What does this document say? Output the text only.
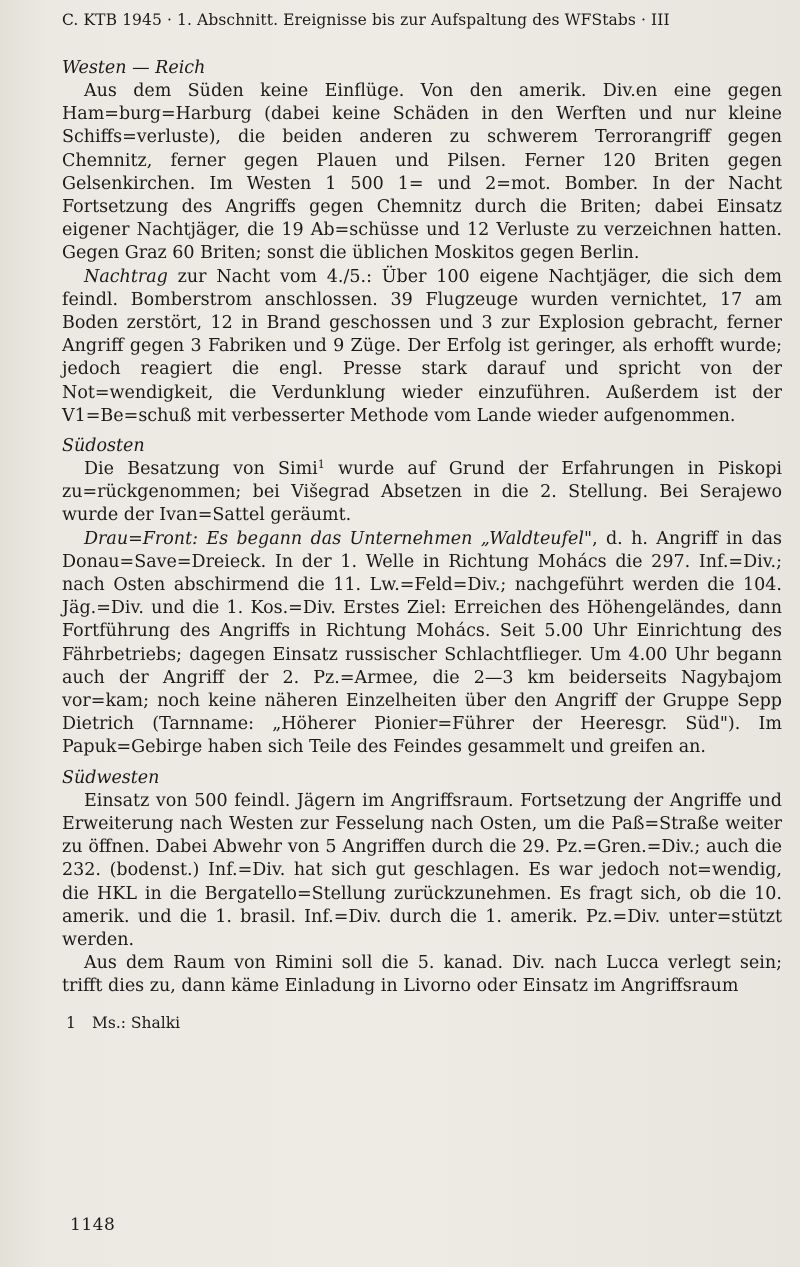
C. KTB 1945 · 1. Abschnitt. Ereignisse bis zur Aufspaltung des WFStabs · III
Westen — Reich

Aus dem Süden keine Einflüge. Von den amerik. Div.en eine gegen Ham=burg=Harburg (dabei keine Schäden in den Werften und nur kleine Schiffs=verluste), die beiden anderen zu schwerem Terrorangriff gegen Chemnitz, ferner gegen Plauen und Pilsen. Ferner 120 Briten gegen Gelsenkirchen. Im Westen 1 500 1= und 2=mot. Bomber. In der Nacht Fortsetzung des Angriffs gegen Chemnitz durch die Briten; dabei Einsatz eigener Nachtjäger, die 19 Ab=schüsse und 12 Verluste zu verzeichnen hatten. Gegen Graz 60 Briten; sonst die üblichen Moskitos gegen Berlin.

Nachtrag zur Nacht vom 4./5.: Über 100 eigene Nachtjäger, die sich dem feindl. Bomberstrom anschlossen. 39 Flugzeuge wurden vernichtet, 17 am Boden zerstört, 12 in Brand geschossen und 3 zur Explosion gebracht, ferner Angriff gegen 3 Fabriken und 9 Züge. Der Erfolg ist geringer, als erhofft wurde; jedoch reagiert die engl. Presse stark darauf und spricht von der Not=wendigkeit, die Verdunklung wieder einzuführen. Außerdem ist der V1=Be=schuß mit verbesserter Methode vom Lande wieder aufgenommen.

Südosten

Die Besatzung von Simi$^1$ wurde auf Grund der Erfahrungen in Piskopi zu=rückgenommen; bei Višegrad Absetzen in die 2. Stellung. Bei Serajewo wurde der Ivan=Sattel geräumt.

Drau=Front: Es begann das Unternehmen „Waldteufel", d. h. Angriff in das Donau=Save=Dreieck. In der 1. Welle in Richtung Mohács die 297. Inf.=Div.; nach Osten abschirmend die 11. Lw.=Feld=Div.; nachgeführt werden die 104. Jäg.=Div. und die 1. Kos.=Div. Erstes Ziel: Erreichen des Höhengeländes, dann Fortführung des Angriffs in Richtung Mohács. Seit 5.00 Uhr Einrichtung des Fährbetriebs; dagegen Einsatz russischer Schlachtflieger. Um 4.00 Uhr begann auch der Angriff der 2. Pz.=Armee, die 2—3 km beiderseits Nagybajom vor=kam; noch keine näheren Einzelheiten über den Angriff der Gruppe Sepp Dietrich (Tarnname: „Höherer Pionier=Führer der Heeresgr. Süd"). Im Papuk=Gebirge haben sich Teile des Feindes gesammelt und greifen an.

Südwesten

Einsatz von 500 feindl. Jägern im Angriffsraum. Fortsetzung der Angriffe und Erweiterung nach Westen zur Fesselung nach Osten, um die Paß=Straße weiter zu öffnen. Dabei Abwehr von 5 Angriffen durch die 29. Pz.=Gren.=Div.; auch die 232. (bodenst.) Inf.=Div. hat sich gut geschlagen. Es war jedoch not=wendig, die HKL in die Bergatello=Stellung zurückzunehmen. Es fragt sich, ob die 10. amerik. und die 1. brasil. Inf.=Div. durch die 1. amerik. Pz.=Div. unter=stützt werden.

Aus dem Raum von Rimini soll die 5. kanad. Div. nach Lucca verlegt sein; trifft dies zu, dann käme Einladung in Livorno oder Einsatz im Angriffsraum

1 Ms.: Shalki
1148
